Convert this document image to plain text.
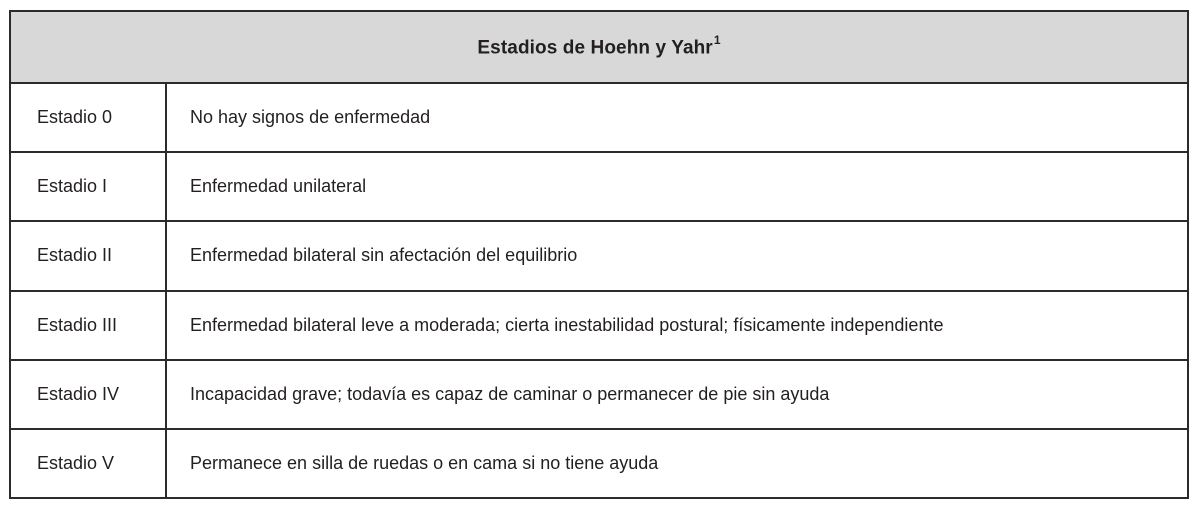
Estadios de Hoehn y Yahr$^1$
Estadio 0	No hay signos de enfermedad
Estadio I	Enfermedad unilateral
Estadio II	Enfermedad bilateral sin afectación del equilibrio
Estadio III	Enfermedad bilateral leve a moderada; cierta inestabilidad postural; físicamente independiente
Estadio IV	Incapacidad grave; todavía es capaz de caminar o permanecer de pie sin ayuda
Estadio V	Permanece en silla de ruedas o en cama si no tiene ayuda
